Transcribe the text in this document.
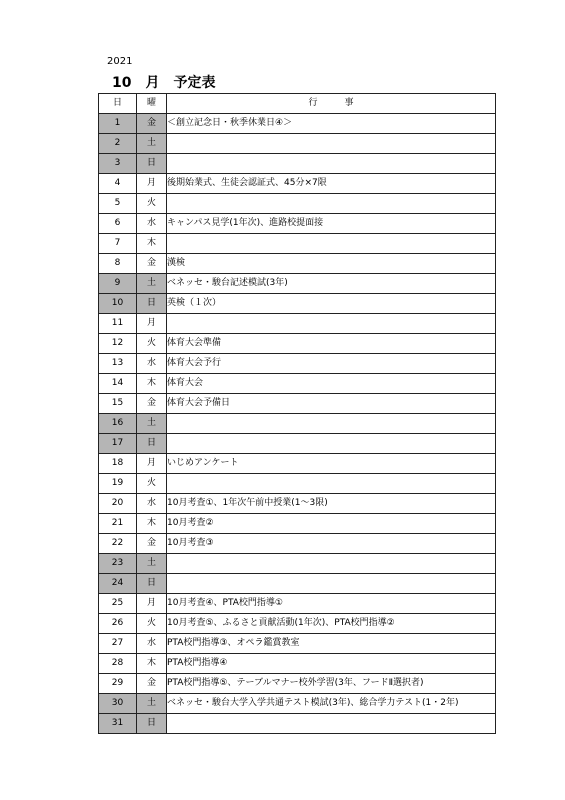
2021
10　月　予定表
日	曜	行　　　事
1	金	＜創立記念日・秋季休業日④＞
2	土	
3	日	
4	月	後期始業式、生徒会認証式、45分×7限
5	火	
6	水	キャンパス見学(1年次)、進路校提面接
7	木	
8	金	漢検
9	土	ベネッセ・駿台記述模試(3年)
10	日	英検（１次）
11	月	
12	火	体育大会準備
13	水	体育大会予行
14	木	体育大会
15	金	体育大会予備日
16	土	
17	日	
18	月	いじめアンケート
19	火	
20	水	10月考査①、1年次午前中授業(1～3限)
21	木	10月考査②
22	金	10月考査③
23	土	
24	日	
25	月	10月考査④、PTA校門指導①
26	火	10月考査⑤、ふるさと貢献活動(1年次)、PTA校門指導②
27	水	PTA校門指導③、オペラ鑑賞教室
28	木	PTA校門指導④
29	金	PTA校門指導⑤、テーブルマナー校外学習(3年、フードⅡ選択者)
30	土	ベネッセ・駿台大学入学共通テスト模試(3年)、総合学力テスト(1・2年)
31	日	
